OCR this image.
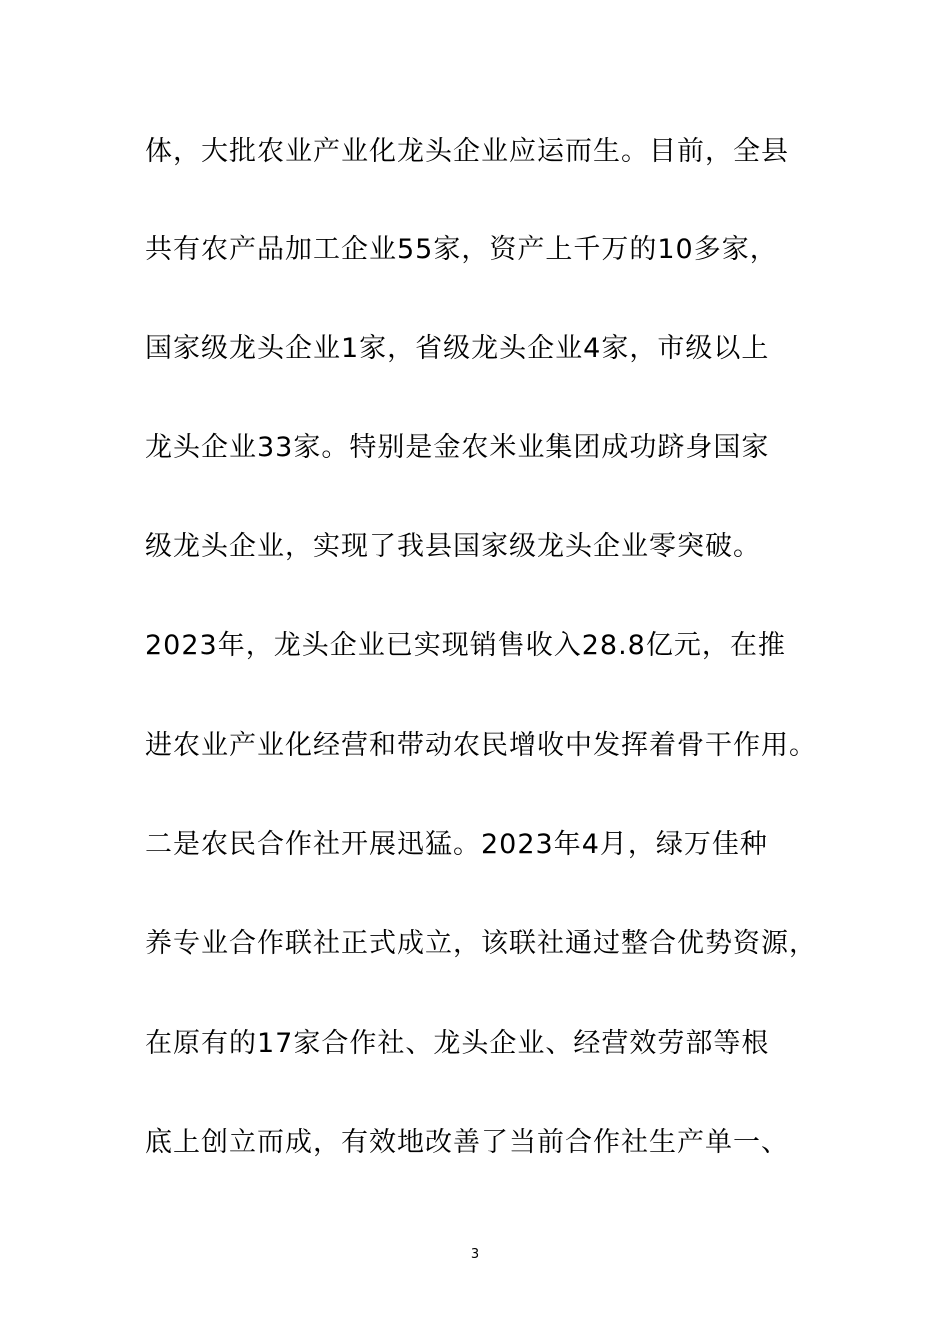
体，大批农业产业化龙头企业应运而生。目前，全县
共有农产品加工企业55家，资产上千万的10多家，
国家级龙头企业1家，省级龙头企业4家，市级以上
龙头企业33家。特别是金农米业集团成功跻身国家
级龙头企业，实现了我县国家级龙头企业零突破。
2023年，龙头企业已实现销售收入28.8亿元，在推
进农业产业化经营和带动农民增收中发挥着骨干作用。
二是农民合作社开展迅猛。2023年4月，绿万佳种
养专业合作联社正式成立，该联社通过整合优势资源，
在原有的17家合作社、龙头企业、经营效劳部等根
底上创立而成，有效地改善了当前合作社生产单一、
3
